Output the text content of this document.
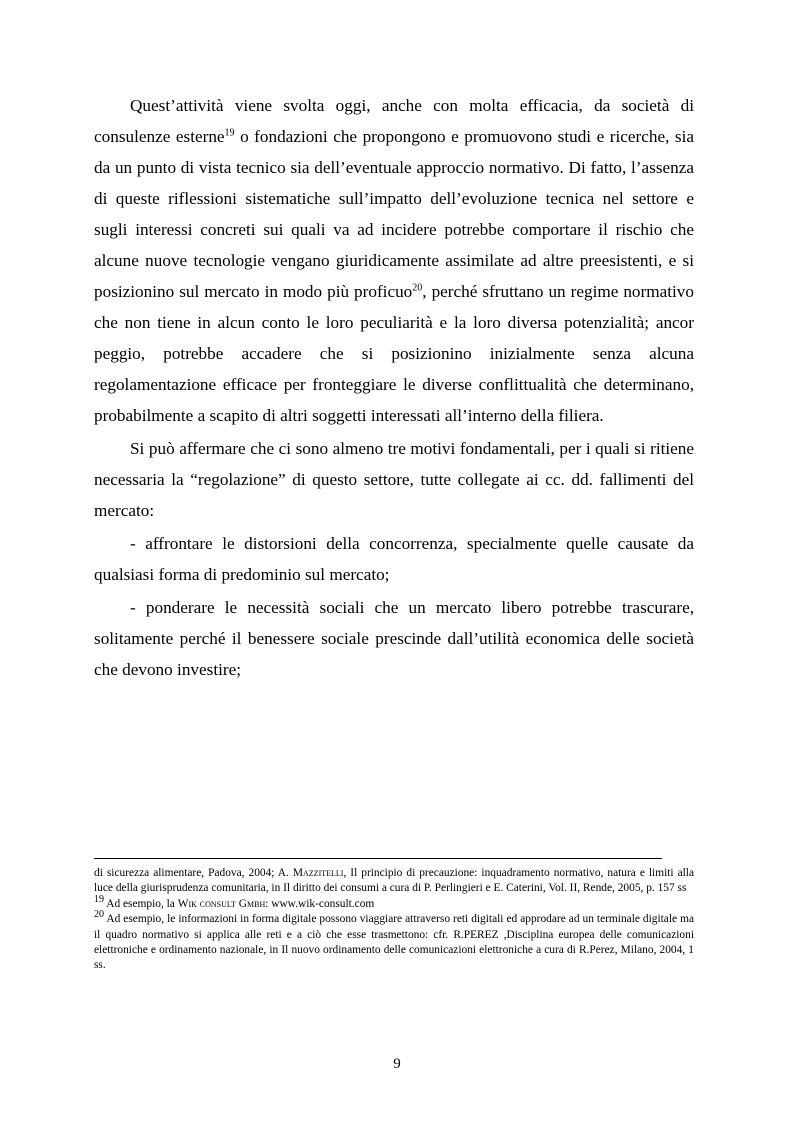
Quest’attività viene svolta oggi, anche con molta efficacia, da società di consulenze esterne$^{19}$ o fondazioni che propongono e promuovono studi e ricerche, sia da un punto di vista tecnico sia dell’eventuale approccio normativo. Di fatto, l’assenza di queste riflessioni sistematiche sull’impatto dell’evoluzione tecnica nel settore e sugli interessi concreti sui quali va ad incidere potrebbe comportare il rischio che alcune nuove tecnologie vengano giuridicamente assimilate ad altre preesistenti, e si posizionino sul mercato in modo più proficuo$^{20}$, perché sfruttano un regime normativo che non tiene in alcun conto le loro peculiarità e la loro diversa potenzialità; ancor peggio, potrebbe accadere che si posizionino inizialmente senza alcuna regolamentazione efficace per fronteggiare le diverse conflittualità che determinano, probabilmente a scapito di altri soggetti interessati all’interno della filiera.

Si può affermare che ci sono almeno tre motivi fondamentali, per i quali si ritiene necessaria la “regolazione” di questo settore, tutte collegate ai cc. dd. fallimenti del mercato:

- affrontare le distorsioni della concorrenza, specialmente quelle causate da qualsiasi forma di predominio sul mercato;

- ponderare le necessità sociali che un mercato libero potrebbe trascurare, solitamente perché il benessere sociale prescinde dall’utilità economica delle società che devono investire;

di sicurezza alimentare, Padova, 2004; A. Mazzitelli, Il principio di precauzione: inquadramento normativo, natura e limiti alla luce della giurisprudenza comunitaria, in Il diritto dei consumi a cura di P. Perlingieri e E. Caterini, Vol. II, Rende, 2005, p. 157 ss

19 Ad esempio, la Wik consult Gmbh: www.wik-consult.com

20 Ad esempio, le informazioni in forma digitale possono viaggiare attraverso reti digitali ed approdare ad un terminale digitale ma il quadro normativo si applica alle reti e a ciò che esse trasmettono: cfr. R.PEREZ ,Disciplina europea delle comunicazioni elettroniche e ordinamento nazionale, in Il nuovo ordinamento delle comunicazioni elettroniche a cura di R.Perez, Milano, 2004, 1 ss.

9
